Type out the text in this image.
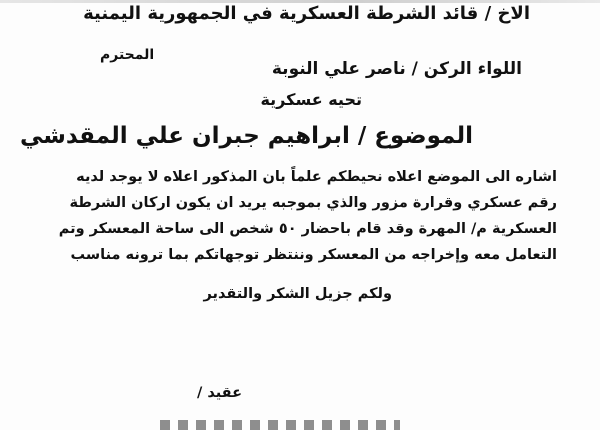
الاخ / قائد الشرطة العسكرية في الجمهورية اليمنية
المحترم
اللواء الركن / ناصر علي النوبة
تحيه عسكرية
الموضوع / ابراهيم جبران علي المقدشي
اشاره الى الموضع اعلاه نحيطكم علماً بان المذكور اعلاه لا يوجد لديه
رقم عسكري وقرارة مزور والذي بموجبه يريد ان يكون اركان الشرطة
العسكرية م/ المهرة وقد قام باحضار ٥٠ شخص الى ساحة المعسكر وتم
التعامل معه وإخراجه من المعسكر وننتظر توجهاتكم بما ترونه مناسب
ولكم جزيل الشكر والتقدير
عقيد /
